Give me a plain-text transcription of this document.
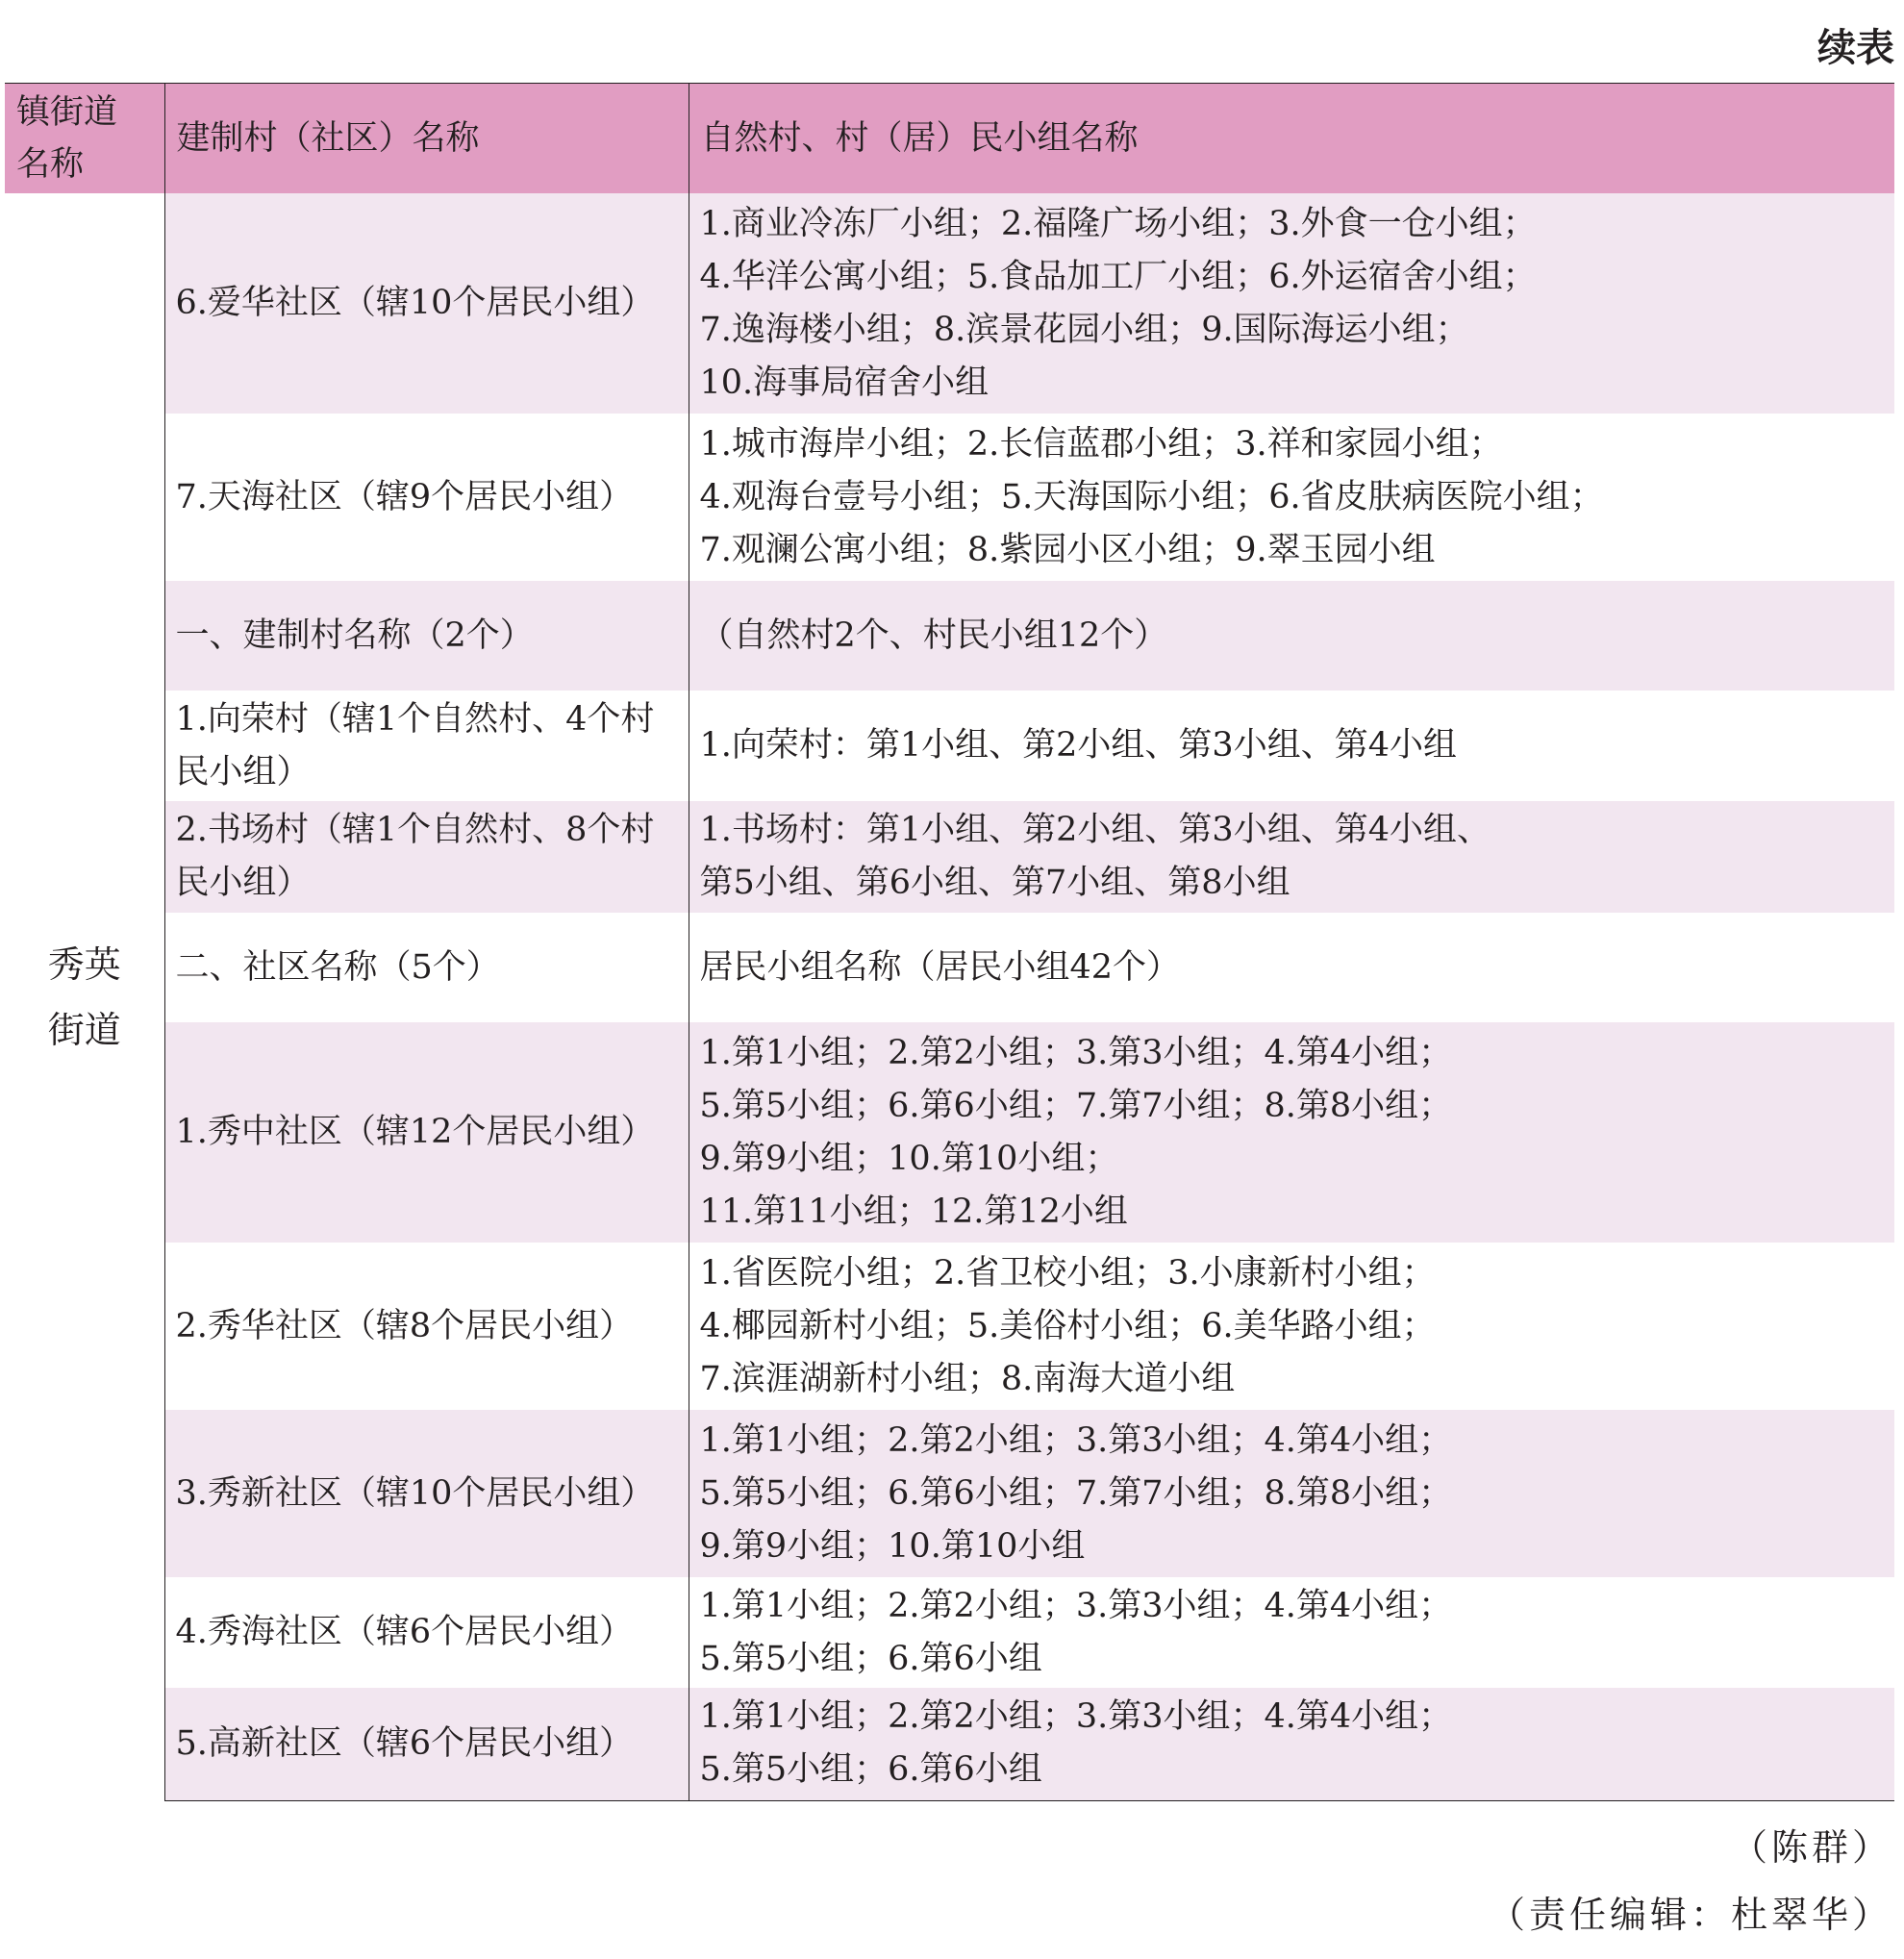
续表
镇街道
名称	建制村（社区）名称	自然村、村（居）民小组名称

秀英
街道	6.爱华社区（辖10个居民小组）	1.商业冷冻厂小组；2.福隆广场小组；3.外食一仓小组；
4.华洋公寓小组；5.食品加工厂小组；6.外运宿舍小组；
7.逸海楼小组；8.滨景花园小组；9.国际海运小组；
10.海事局宿舍小组

	7.天海社区（辖9个居民小组）	1.城市海岸小组；2.长信蓝郡小组；3.祥和家园小组；
4.观海台壹号小组；5.天海国际小组；6.省皮肤病医院小组；
7.观澜公寓小组；8.紫园小区小组；9.翠玉园小组

	一、建制村名称（2个）	（自然村2个、村民小组12个）

	1.向荣村（辖1个自然村、4个村民小组）	1.向荣村：第1小组、第2小组、第3小组、第4小组

	2.书场村（辖1个自然村、8个村民小组）	1.书场村：第1小组、第2小组、第3小组、第4小组、
第5小组、第6小组、第7小组、第8小组

	二、社区名称（5个）	居民小组名称（居民小组42个）

	1.秀中社区（辖12个居民小组）	1.第1小组；2.第2小组；3.第3小组；4.第4小组；
5.第5小组；6.第6小组；7.第7小组；8.第8小组；
9.第9小组；10.第10小组；
11.第11小组；12.第12小组

	2.秀华社区（辖8个居民小组）	1.省医院小组；2.省卫校小组；3.小康新村小组；
4.椰园新村小组；5.美俗村小组；6.美华路小组；
7.滨涯湖新村小组；8.南海大道小组

	3.秀新社区（辖10个居民小组）	1.第1小组；2.第2小组；3.第3小组；4.第4小组；
5.第5小组；6.第6小组；7.第7小组；8.第8小组；
9.第9小组；10.第10小组

	4.秀海社区（辖6个居民小组）	1.第1小组；2.第2小组；3.第3小组；4.第4小组；
5.第5小组；6.第6小组

	5.高新社区（辖6个居民小组）	1.第1小组；2.第2小组；3.第3小组；4.第4小组；
5.第5小组；6.第6小组
（陈群）
（责任编辑：杜翠华）
